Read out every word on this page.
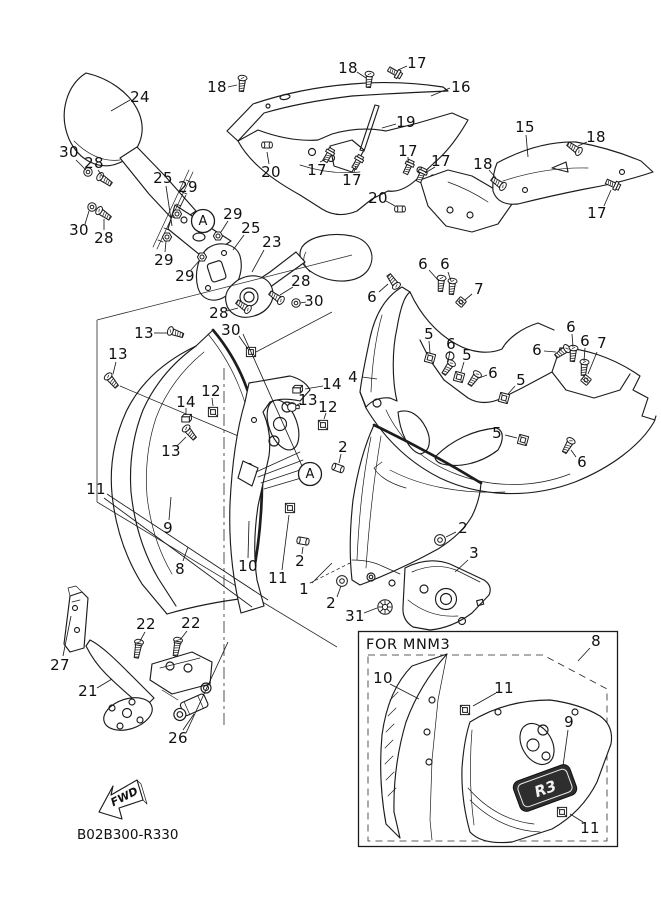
FWD
B02B300-R330
FOR MNM3
R3
24
30
28
25 29
30 28
29
29
25
23
29	28
30
28
30
18
18	17
16
19
20 17
17
20
17
17 18
15
18
17
6
6 6
7
4
5
6
5
6 5
6
6
6 7
5
6
2
13
13
12
14
13
14
13 12
11
9
8	10
11
2
1
2
31
2
3
27
22 22
21
26
8
10
11
9
11
A
A
